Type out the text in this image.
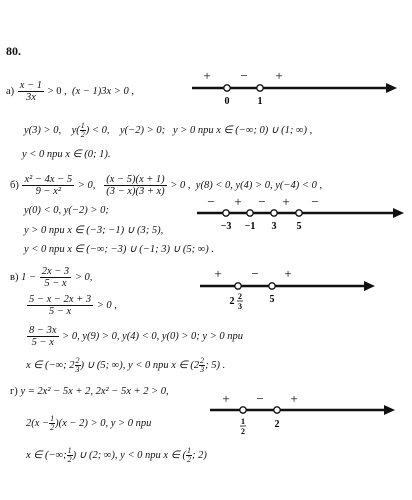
80.
$а) \frac{x - 1}{3x} > 0$ , (x − 1)3x > 0 ,
+ − +
0	1
y(3) > 0, $y( \frac{1}{2}$ ) < 0, y(−2) > 0; y > 0 при x ∈ (−∞; 0) ∪ (1; ∞) ,
y < 0 при x ∈ (0; 1).
$б) \frac{\text{x² − 4x − 5}}{\text{9 − x²}} > 0$, $\frac{(x - 5)(x + 1)}{(3 - x)(3 + x)} > 0$ , y(8) < 0, y(4) > 0, y(−4) < 0 ,
− + − + −
−3 −1 3 5
y(0) < 0, y(−2) > 0;
y > 0 при x ∈ (−3; −1) ∪ (3; 5),
y < 0 при x ∈ (−∞; −3) ∪ (−1; 3) ∪ (5; ∞) .
в) $1 - \frac{2x - 3}{5 - x} > 0$,	+ − +
2 2
3
5
$\frac{5 - x - 2x + 3}{5 - x} > 0$ ,
$\frac{8 - 3x}{5 - x} > 0$, y(9) > 0, y(4) < 0, y(0) > 0; y > 0 при
x ∈ (−∞; $2 \frac{2}{3}$ ) ∪ (5; ∞), y < 0 при x ∈ ($2 \frac{2}{3}$ ; 5) .
г) y = 2x² − 5x + 2, 2x² − 5x + 2 > 0,	+ − +
1
2
2
$2(x - \frac{1}{2} )(x - 2) > 0$, y > 0 при
x ∈ (−∞; $\frac{1}{2}$ ) ∪ (2; ∞), y < 0 при x ∈ ( $\frac{1}{2}$ ; 2)
